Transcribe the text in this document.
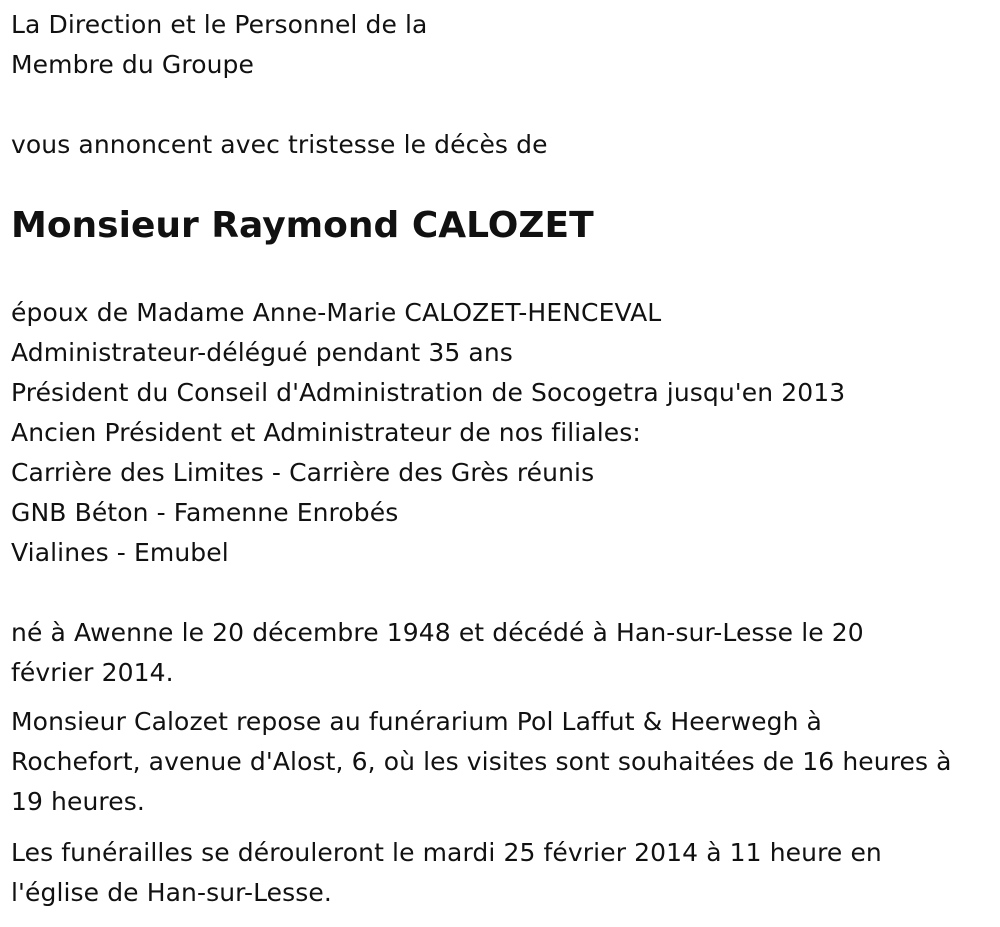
La Direction et le Personnel de la
Membre du Groupe
vous annoncent avec tristesse le décès de
Monsieur Raymond CALOZET
époux de Madame Anne-Marie CALOZET-HENCEVAL
Administrateur-délégué pendant 35 ans
Président du Conseil d'Administration de Socogetra jusqu'en 2013
Ancien Président et Administrateur de nos filiales:
Carrière des Limites - Carrière des Grès réunis
GNB Béton - Famenne Enrobés
Vialines - Emubel
né à Awenne le 20 décembre 1948 et décédé à Han-sur-Lesse le 20
février 2014.
Monsieur Calozet repose au funérarium Pol Laffut & Heerwegh à
Rochefort, avenue d'Alost, 6, où les visites sont souhaitées de 16 heures à
19 heures.
Les funérailles se dérouleront le mardi 25 février 2014 à 11 heure en
l'église de Han-sur-Lesse.
